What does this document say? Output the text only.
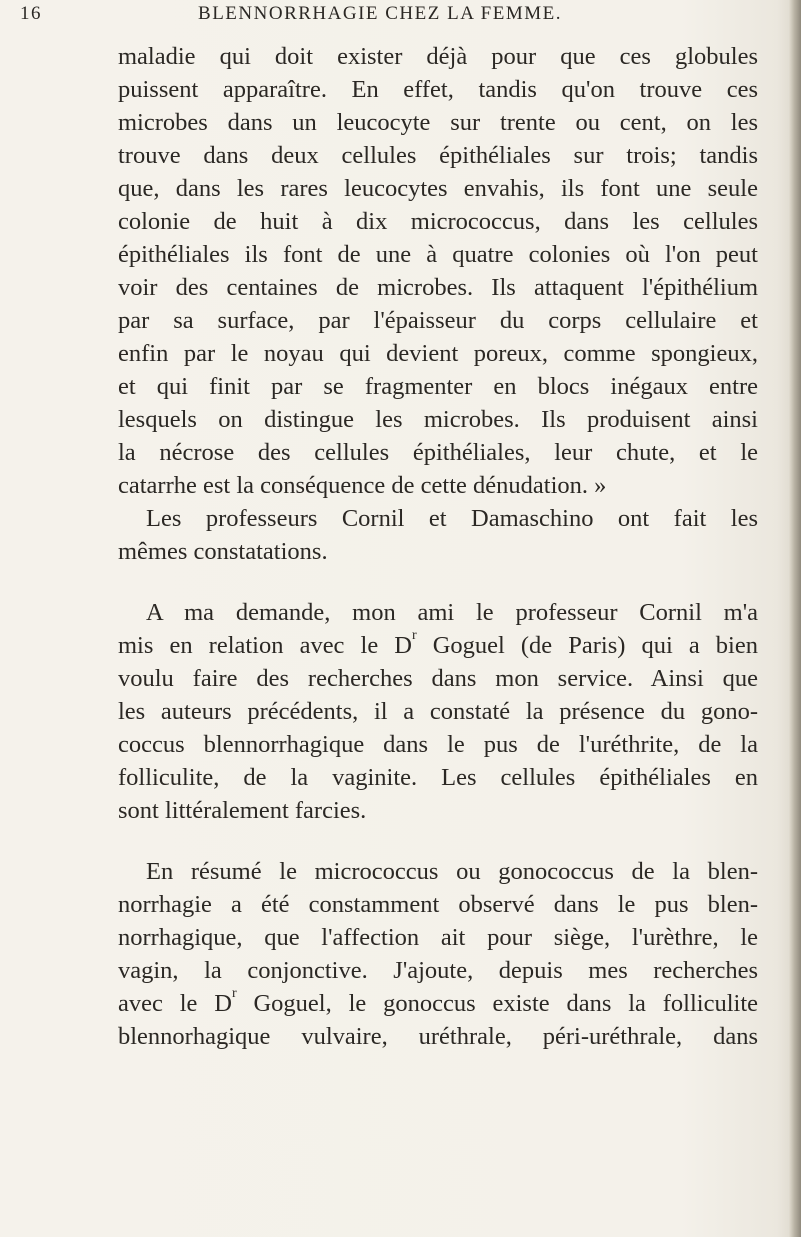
16	BLENNORRHAGIE CHEZ LA FEMME.
maladie qui doit exister déjà pour que ces globules
puissent apparaître. En effet, tandis qu'on trouve ces
microbes dans un leucocyte sur trente ou cent, on les
trouve dans deux cellules épithéliales sur trois; tandis
que, dans les rares leucocytes envahis, ils font une seule
colonie de huit à dix micrococcus, dans les cellules
épithéliales ils font de une à quatre colonies où l'on peut
voir des centaines de microbes. Ils attaquent l'épithélium
par sa surface, par l'épaisseur du corps cellulaire et
enfin par le noyau qui devient poreux, comme spongieux,
et qui finit par se fragmenter en blocs inégaux entre
lesquels on distingue les microbes. Ils produisent ainsi
la nécrose des cellules épithéliales, leur chute, et le
catarrhe est la conséquence de cette dénudation. »
Les professeurs Cornil et Damaschino ont fait les
mêmes constatations.
A ma demande, mon ami le professeur Cornil m'a
mis en relation avec le $D^r$ Goguel (de Paris) qui a bien
voulu faire des recherches dans mon service. Ainsi que
les auteurs précédents, il a constaté la présence du gono-
coccus blennorrhagique dans le pus de l'uréthrite, de la
folliculite, de la vaginite. Les cellules épithéliales en
sont littéralement farcies.
En résumé le micrococcus ou gonococcus de la blen-
norrhagie a été constamment observé dans le pus blen-
norrhagique, que l'affection ait pour siège, l'urèthre, le
vagin, la conjonctive. J'ajoute, depuis mes recherches
avec le $D^r$ Goguel, le gonoccus existe dans la folliculite
blennorhagique vulvaire, uréthrale, péri-uréthrale, dans
